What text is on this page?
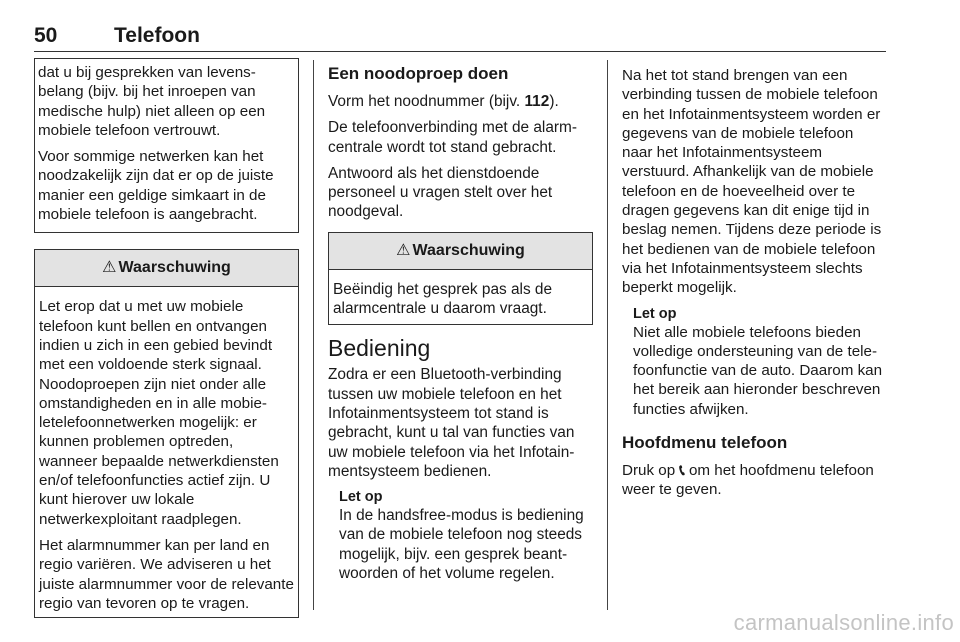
50	Telefoon

dat u bij gesprekken van levensbelang (bijv. bij het inroepen van medische hulp) niet alleen op een mobiele telefoon vertrouwt.

Voor sommige netwerken kan het noodzakelijk zijn dat er op de juiste manier een geldige simkaart in de mobiele telefoon is aangebracht.

⚠ Waarschuwing

Let erop dat u met uw mobiele telefoon kunt bellen en ontvangen indien u zich in een gebied bevindt met een voldoende sterk signaal. Noodoproepen zijn niet onder alle omstandigheden en in alle mobieletelefoonnetwerken mogelijk: er kunnen problemen optreden, wanneer bepaalde netwerkdiensten en/of telefoonfuncties actief zijn. U kunt hierover uw lokale netwerkexploitant raadplegen.

Het alarmnummer kan per land en regio variëren. We adviseren u het juiste alarmnummer voor de relevante regio van tevoren op te vragen.

Een noodoproep doen

Vorm het noodnummer (bijv. 112).

De telefoonverbinding met de alarmcentrale wordt tot stand gebracht.

Antwoord als het dienstdoende personeel u vragen stelt over het noodgeval.

⚠ Waarschuwing

Beëindig het gesprek pas als de alarmcentrale u daarom vraagt.

Bediening

Zodra er een Bluetooth-verbinding tussen uw mobiele telefoon en het Infotainmentsysteem tot stand is gebracht, kunt u tal van functies van uw mobiele telefoon via het Infotainmentsysteem bedienen.

Let op

In de handsfree-modus is bediening van de mobiele telefoon nog steeds mogelijk, bijv. een gesprek beantwoorden of het volume regelen.

Na het tot stand brengen van een verbinding tussen de mobiele telefoon en het Infotainmentsysteem worden er gegevens van de mobiele telefoon naar het Infotainmentsysteem verstuurd. Afhankelijk van de mobiele telefoon en de hoeveelheid over te dragen gegevens kan dit enige tijd in beslag nemen. Tijdens deze periode is het bedienen van de mobiele telefoon via het Infotainmentsysteem slechts beperkt mogelijk.

Let op

Niet alle mobiele telefoons bieden volledige ondersteuning van de telefoonfunctie van de auto. Daarom kan het bereik aan hieronder beschreven functies afwijken.

Hoofdmenu telefoon

Druk op 📞︎ om het hoofdmenu telefoon weer te geven.

carmanualsonline.info
